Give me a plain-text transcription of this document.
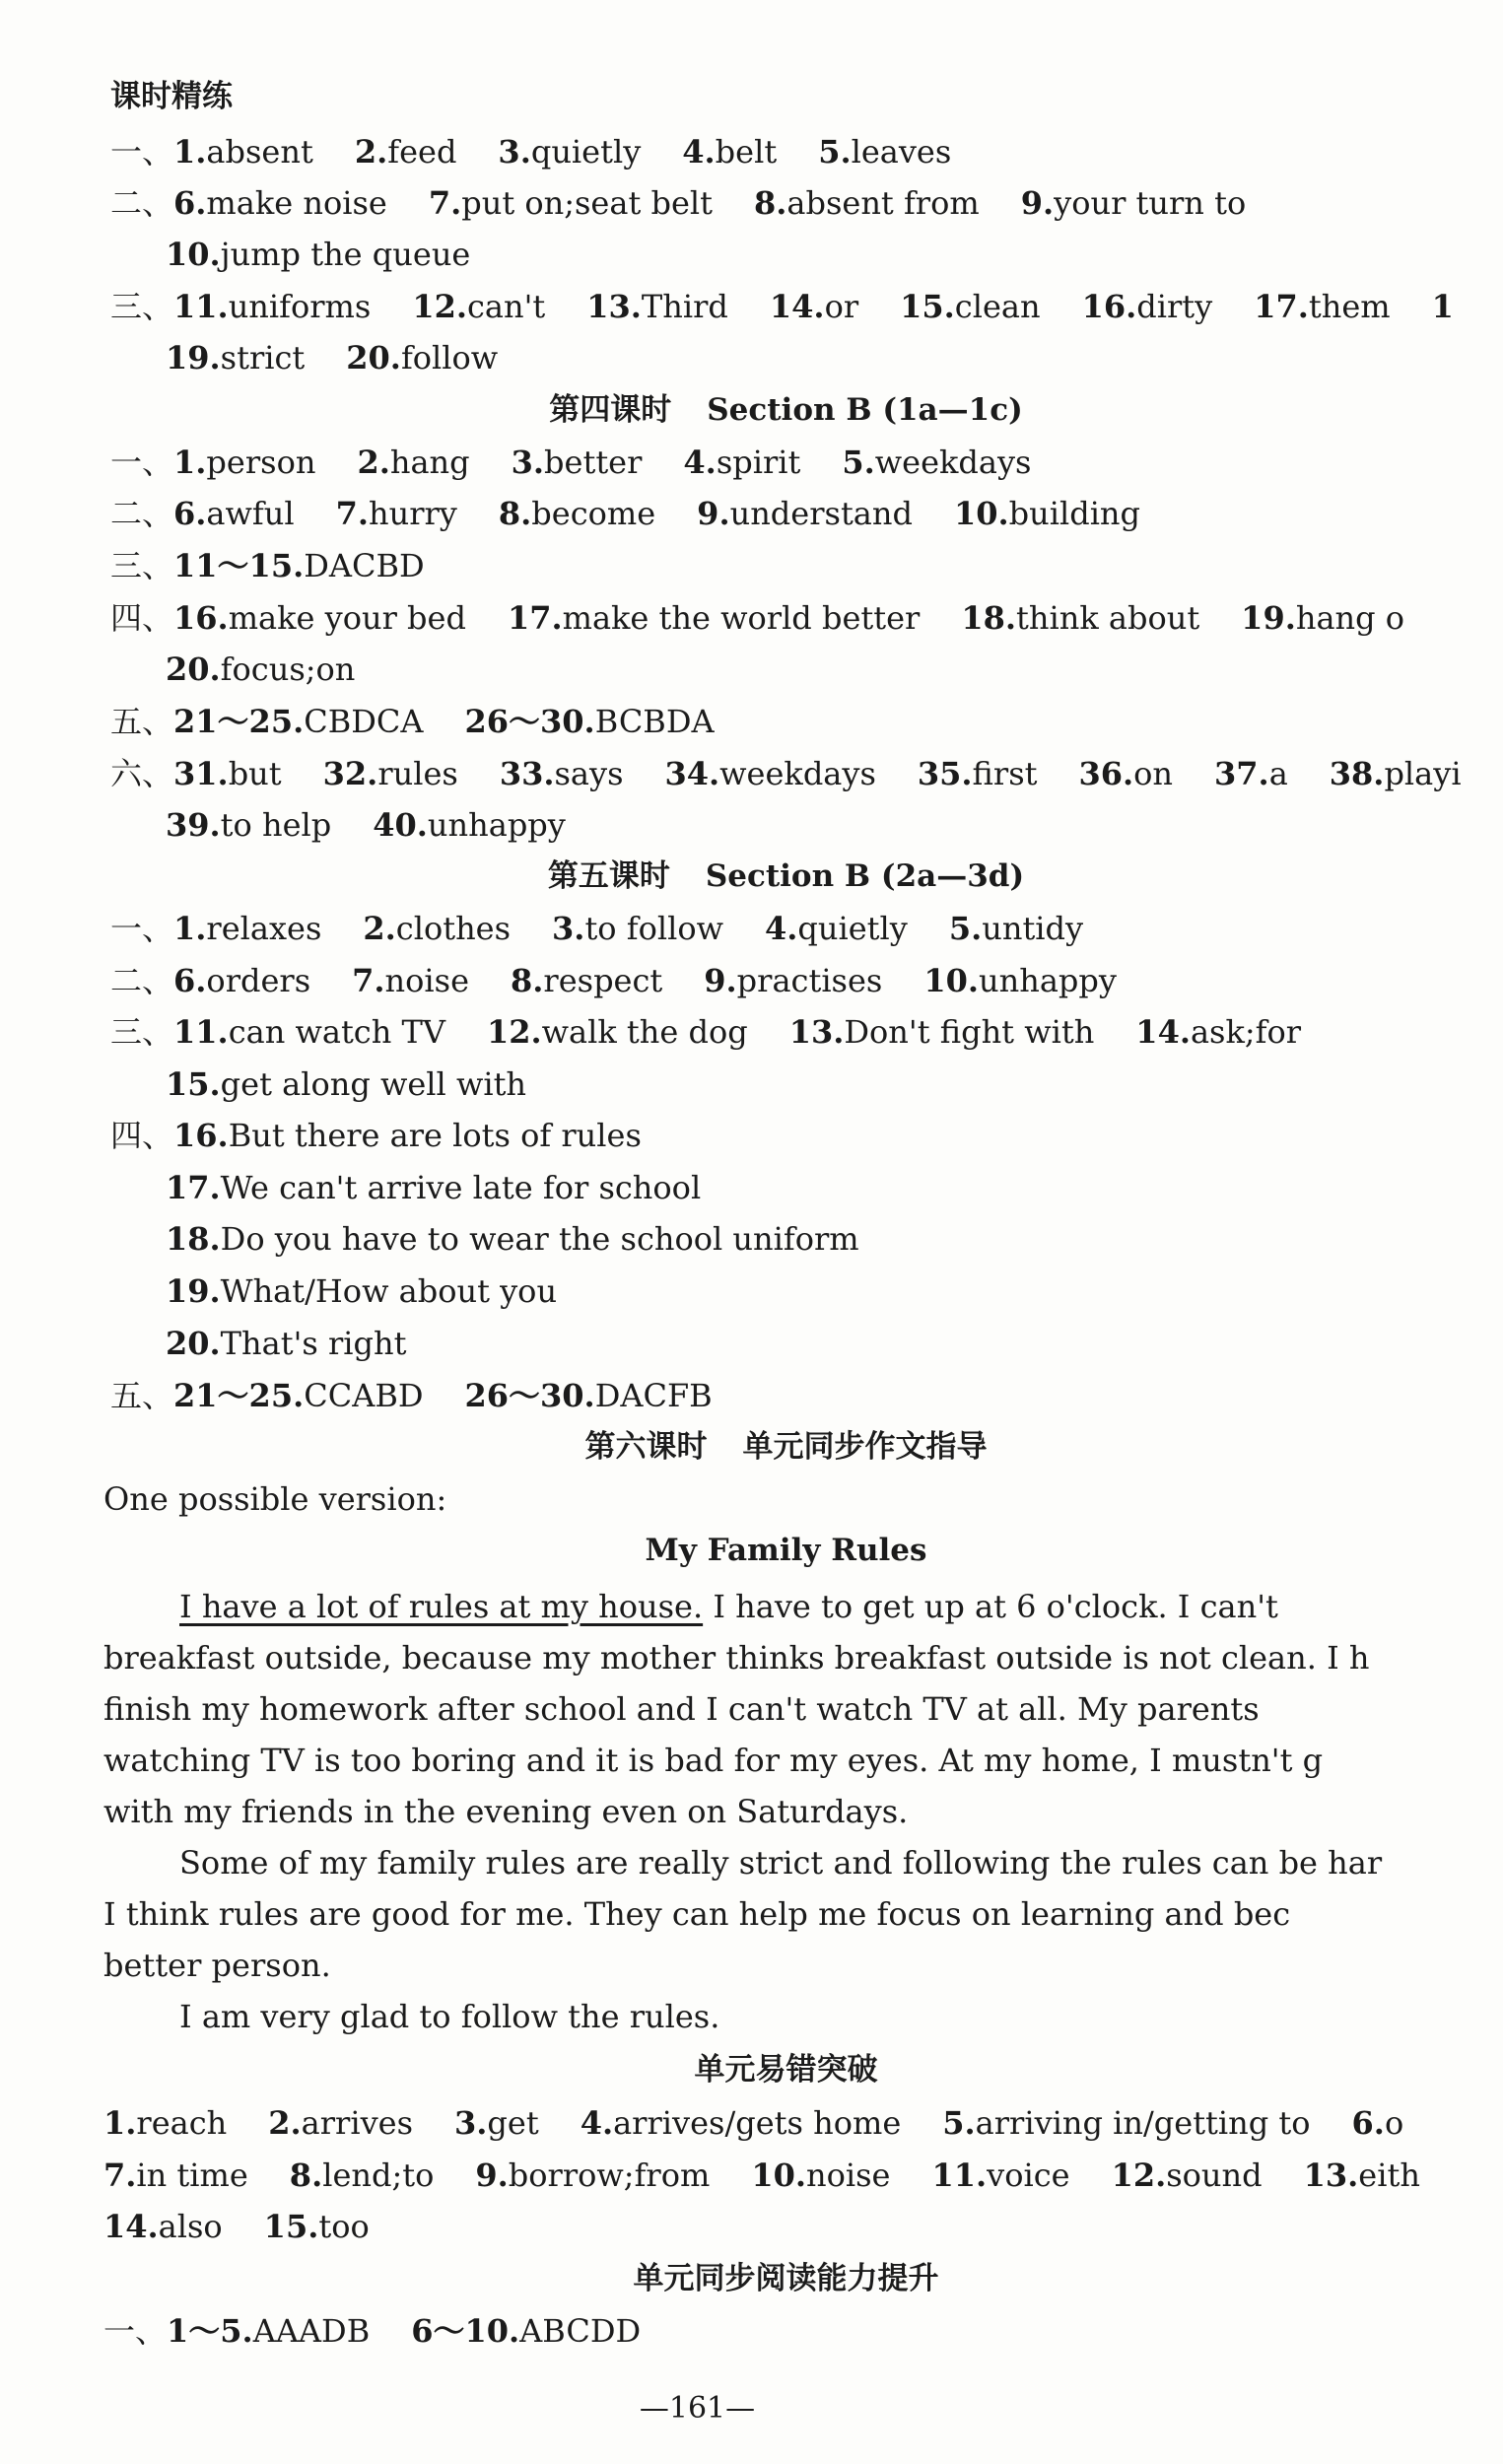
课时精练
一、1.absent 2.feed 3.quietly 4.belt 5.leaves
二、6.make noise 7.put on;seat belt 8.absent from 9.your turn to
10.jump the queue
三、11.uniforms 12.can't 13.Third 14.or 15.clean 16.dirty 17.them 1
19.strict 20.follow
第四课时 Section B (1a—1c)
一、1.person 2.hang 3.better 4.spirit 5.weekdays
二、6.awful 7.hurry 8.become 9.understand 10.building
三、11～15.DACBD
四、16.make your bed 17.make the world better 18.think about 19.hang o
20.focus;on
五、21～25.CBDCA 26～30.BCBDA
六、31.but 32.rules 33.says 34.weekdays 35.first 36.on 37.a 38.playi
39.to help 40.unhappy
第五课时 Section B (2a—3d)
一、1.relaxes 2.clothes 3.to follow 4.quietly 5.untidy
二、6.orders 7.noise 8.respect 9.practises 10.unhappy
三、11.can watch TV 12.walk the dog 13.Don't fight with 14.ask;for
15.get along well with
四、16.But there are lots of rules
17.We can't arrive late for school
18.Do you have to wear the school uniform
19.What/How about you
20.That's right
五、21～25.CCABD 26～30.DACFB
第六课时 单元同步作文指导
One possible version:
My Family Rules
I have a lot of rules at my house. I have to get up at 6 o'clock. I can't
breakfast outside, because my mother thinks breakfast outside is not clean. I h
finish my homework after school and I can't watch TV at all. My parents
watching TV is too boring and it is bad for my eyes. At my home, I mustn't g
with my friends in the evening even on Saturdays.
Some of my family rules are really strict and following the rules can be har
I think rules are good for me. They can help me focus on learning and bec
better person.
I am very glad to follow the rules.
单元易错突破
1.reach 2.arrives 3.get 4.arrives/gets home 5.arriving in/getting to 6.o
7.in time 8.lend;to 9.borrow;from 10.noise 11.voice 12.sound 13.eith
14.also 15.too
单元同步阅读能力提升
一、1～5.AAADB 6～10.ABCDD
—161—
